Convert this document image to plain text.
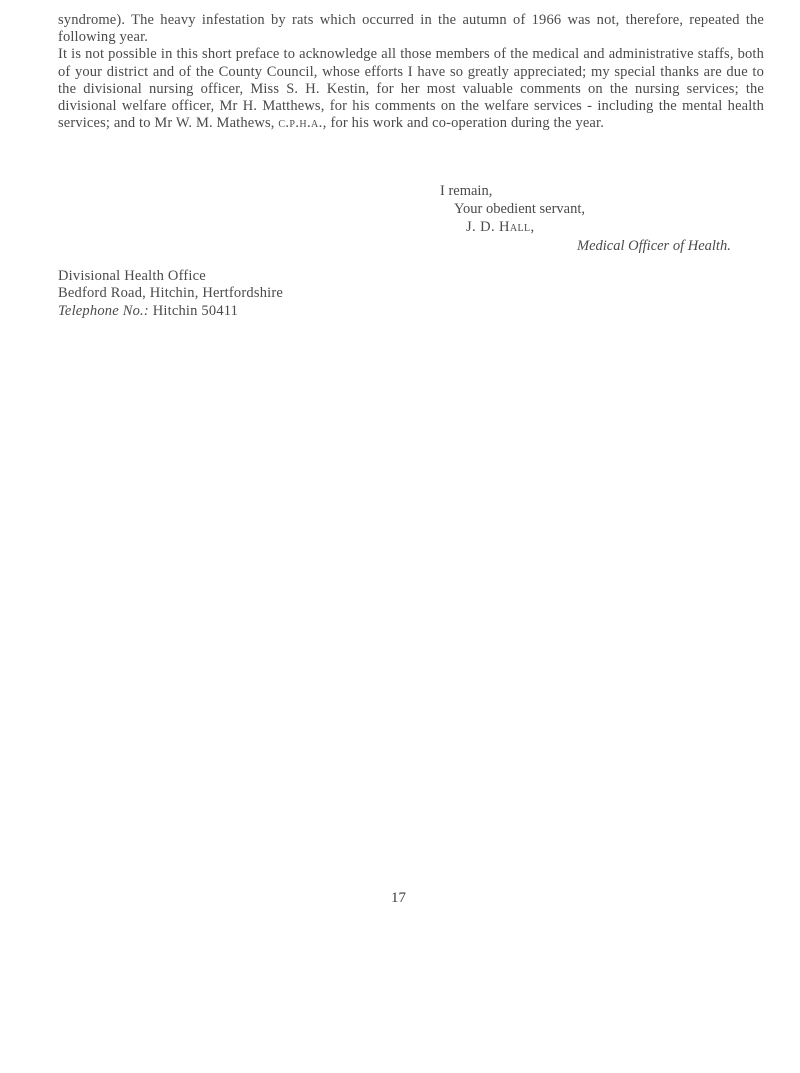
syndrome). The heavy infestation by rats which occurred in the autumn of 1966 was not, therefore, repeated the following year.

It is not possible in this short preface to acknowledge all those members of the medical and administrative staffs, both of your district and of the County Council, whose efforts I have so greatly appreciated; my special thanks are due to the divisional nursing officer, Miss S. H. Kestin, for her most valuable comments on the nursing services; the divisional welfare officer, Mr H. Matthews, for his comments on the welfare services - including the mental health services; and to Mr W. M. Mathews, c.p.h.a., for his work and co-operation during the year.

I remain,
Your obedient servant,
J. D. Hall,
Medical Officer of Health.
Divisional Health Office
Bedford Road, Hitchin, Hertfordshire
Telephone No.: Hitchin 50411
17
